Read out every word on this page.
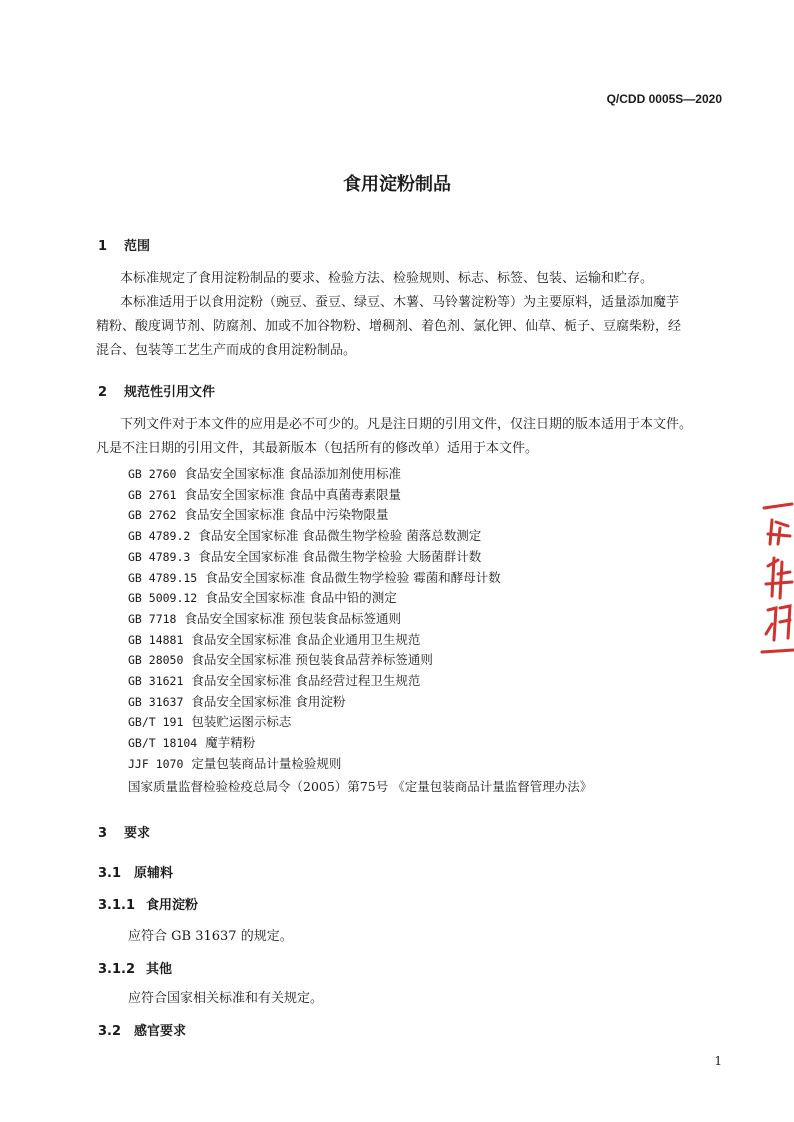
Q/CDD 0005S—2020
食用淀粉制品
1 范围
本标准规定了食用淀粉制品的要求、检验方法、检验规则、标志、标签、包装、运输和贮存。
本标准适用于以食用淀粉（豌豆、蚕豆、绿豆、木薯、马铃薯淀粉等）为主要原料，适量添加魔芋
精粉、酸度调节剂、防腐剂、加或不加谷物粉、增稠剂、着色剂、氯化钾、仙草、栀子、豆腐柴粉，经
混合、包装等工艺生产而成的食用淀粉制品。
2 规范性引用文件
下列文件对于本文件的应用是必不可少的。凡是注日期的引用文件，仅注日期的版本适用于本文件。
凡是不注日期的引用文件，其最新版本（包括所有的修改单）适用于本文件。
GB 2760 食品安全国家标准 食品添加剂使用标准
GB 2761 食品安全国家标准 食品中真菌毒素限量
GB 2762 食品安全国家标准 食品中污染物限量
GB 4789.2 食品安全国家标准 食品微生物学检验 菌落总数测定
GB 4789.3 食品安全国家标准 食品微生物学检验 大肠菌群计数
GB 4789.15 食品安全国家标准 食品微生物学检验 霉菌和酵母计数
GB 5009.12 食品安全国家标准 食品中铅的测定
GB 7718 食品安全国家标准 预包装食品标签通则
GB 14881 食品安全国家标准 食品企业通用卫生规范
GB 28050 食品安全国家标准 预包装食品营养标签通则
GB 31621 食品安全国家标准 食品经营过程卫生规范
GB 31637 食品安全国家标准 食用淀粉
GB/T 191 包装贮运图示标志
GB/T 18104 魔芋精粉
JJF 1070 定量包装商品计量检验规则
国家质量监督检验检疫总局令（2005）第75号 《定量包装商品计量监督管理办法》
3 要求
3.1 原辅料
3.1.1 食用淀粉
应符合 GB 31637 的规定。
3.1.2 其他
应符合国家相关标准和有关规定。
3.2 感官要求
1
